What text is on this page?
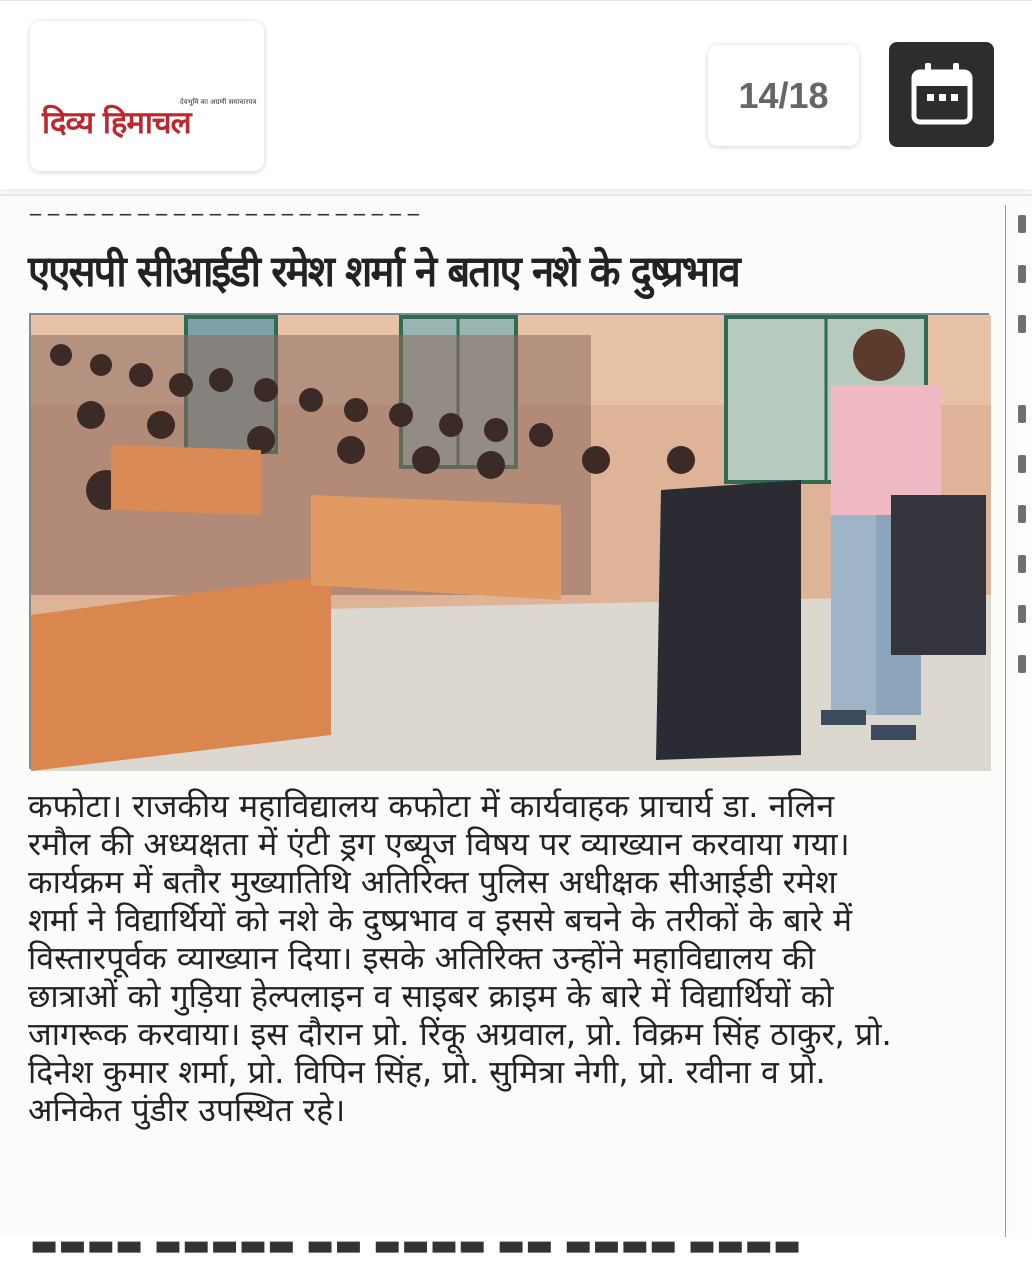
देवभूमि का अग्रणी समाचारपत्र
दिव्य हिमाचल
14/18
_ _ _ _ _ _ _ _ _ _ _ _ _ _ _ _ _ _ _ _ _ _
एएसपी सीआईडी रमेश शर्मा ने बताए नशे के दुष्प्रभाव
कफोटा। राजकीय महाविद्यालय कफोटा में कार्यवाहक प्राचार्य डा. नलिन
रमौल की अध्यक्षता में एंटी ड्रग एब्यूज विषय पर व्याख्यान करवाया गया।
कार्यक्रम में बतौर मुख्यातिथि अतिरिक्त पुलिस अधीक्षक सीआईडी रमेश
शर्मा ने विद्यार्थियों को नशे के दुष्प्रभाव व इससे बचने के तरीकों के बारे में
विस्तारपूर्वक व्याख्यान दिया। इसके अतिरिक्त उन्होंने महाविद्यालय की
छात्राओं को गुड़िया हेल्पलाइन व साइबर क्राइम के बारे में विद्यार्थियों को
जागरूक करवाया। इस दौरान प्रो. रिंकू अग्रवाल, प्रो. विक्रम सिंह ठाकुर, प्रो.
दिनेश कुमार शर्मा, प्रो. विपिन सिंह, प्रो. सुमित्रा नेगी, प्रो. रवीना व प्रो.
अनिकेत पुंडीर उपस्थित रहे।
▬▬▬▬ ▬▬▬▬▬ ▬▬ ▬▬▬▬ ▬▬ ▬▬▬▬ ▬▬▬▬
